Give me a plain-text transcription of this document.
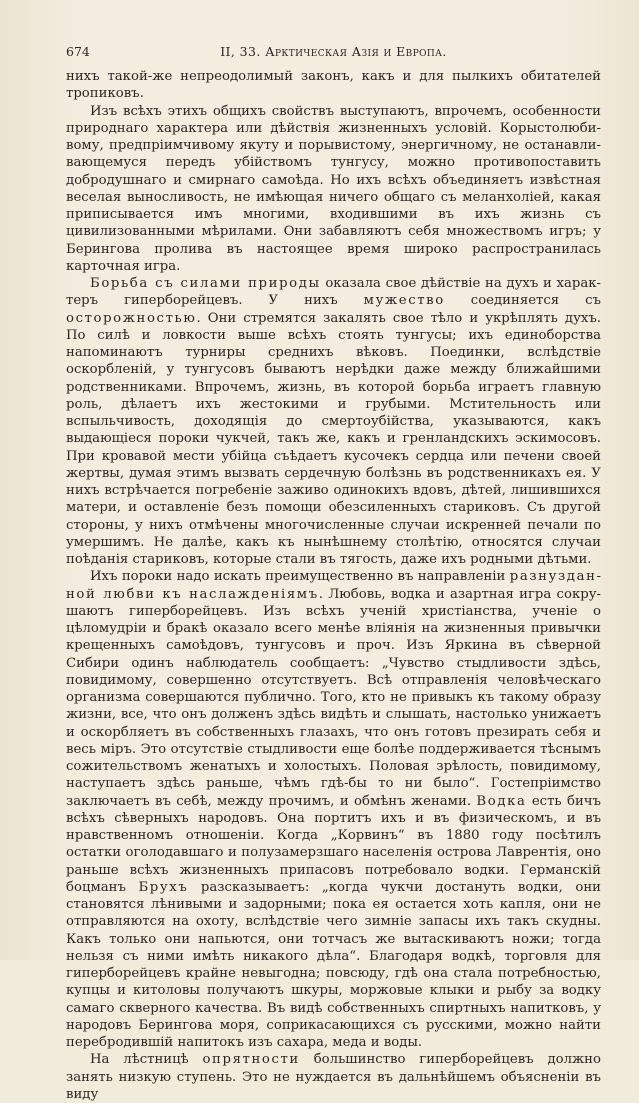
674	II, 33. Арктическая Азія и Европа.

нихъ такой-же непреодолимый законъ, какъ и для пылкихъ обитателей тропиковъ.

Изъ всѣхъ этихъ общихъ свойствъ выступаютъ, впрочемъ, особенности природнаго характера или дѣйствія жизненныхъ условій. Корыстолюбивому, предпріимчивому якуту и порывистому, энергичному, не останавливающемуся передъ убійствомъ тунгусу, можно противопоставить добродушнаго и смирнаго самоѣда. Но ихъ всѣхъ объединяетъ извѣстная веселая выносливость, не имѣющая ничего общаго съ меланхоліей, какая приписывается имъ многими, входившими въ ихъ жизнь съ цивилизованными мѣрилами. Они забавляютъ себя множествомъ игръ; у Берингова пролива въ настоящее время широко распространилась карточная игра.

Борьба съ силами природы оказала свое дѣйствіе на духъ и характеръ гиперборейцевъ. У нихъ мужество соединяется съ осторожностью. Они стремятся закалять свое тѣло и укрѣплять духъ. По силѣ и ловкости выше всѣхъ стоять тунгусы; ихъ единоборства напоминаютъ турниры среднихъ вѣковъ. Поединки, вслѣдствіе оскорбленій, у тунгусовъ бываютъ нерѣдки даже между ближайшими родственниками. Впрочемъ, жизнь, въ которой борьба играетъ главную роль, дѣлаетъ ихъ жестокими и грубыми. Мстительность или вспыльчивость, доходящія до смертоубійства, указываются, какъ выдающіеся пороки чукчей, такъ же, какъ и гренландскихъ эскимосовъ. При кровавой мести убійца съѣдаетъ кусочекъ сердца или печени своей жертвы, думая этимъ вызвать сердечную болѣзнь въ родственникахъ ея. У нихъ встрѣчается погребеніе заживо одинокихъ вдовъ, дѣтей, лишившихся матери, и оставленіе безъ помощи обезсиленныхъ стариковъ. Съ другой стороны, у нихъ отмѣчены многочисленные случаи искренней печали по умершимъ. Не далѣе, какъ къ нынѣшнему столѣтію, относятся случаи поѣданія стариковъ, которые стали въ тягость, даже ихъ родными дѣтьми.

Ихъ пороки надо искать преимущественно въ направленіи разнузданной любви къ наслажденіямъ. Любовь, водка и азартная игра сокрушаютъ гиперборейцевъ. Изъ всѣхъ ученій христіанства, ученіе о цѣломудріи и бракѣ оказало всего менѣе вліянія на жизненныя привычки крещенныхъ самоѣдовъ, тунгусовъ и проч. Изъ Яркина въ сѣверной Сибири одинъ наблюдатель сообщаетъ: „Чувство стыдливости здѣсь, повидимому, совершенно отсутствуетъ. Всѣ отправленія человѣческаго организма совершаются публично. Того, кто не привыкъ къ такому образу жизни, все, что онъ долженъ здѣсь видѣть и слышать, настолько унижаетъ и оскорбляетъ въ собственныхъ глазахъ, что онъ готовъ презирать себя и весь міръ. Это отсутствіе стыдливости еще болѣе поддерживается тѣснымъ сожительствомъ женатыхъ и холостыхъ. Половая зрѣлость, повидимому, наступаетъ здѣсь раньше, чѣмъ гдѣ-бы то ни было“. Гостепріимство заключаетъ въ себѣ, между прочимъ, и обмѣнъ женами. Водка есть бичъ всѣхъ сѣверныхъ народовъ. Она портитъ ихъ и въ физическомъ, и въ нравственномъ отношеніи. Когда „Корвинъ“ въ 1880 году посѣтилъ остатки оголодавшаго и полузамерзшаго населенія острова Лаврентія, оно раньше всѣхъ жизненныхъ припасовъ потребовало водки. Германскій боцманъ Брухъ разсказываетъ: „когда чукчи достануть водки, они становятся лѣнивыми и задорными; пока ея остается хоть капля, они не отправляются на охоту, вслѣдствіе чего зимніе запасы ихъ такъ скудны. Какъ только они напьются, они тотчасъ же вытаскиваютъ ножи; тогда нельзя съ ними имѣть никакого дѣла“. Благодаря водкѣ, торговля для гиперборейцевъ крайне невыгодна; повсюду, гдѣ она стала потребностью, купцы и китоловы получаютъ шкуры, моржовые клыки и рыбу за водку самаго скверного качества. Въ видѣ собственныхъ спиртныхъ напитковъ, у народовъ Берингова моря, соприкасающихся съ русскими, можно найти перебродившій напитокъ изъ сахара, меда и воды.

На лѣстницѣ опрятности большинство гиперборейцевъ должно занять низкую ступень. Это не нуждается въ дальнѣйшемъ объясненіи въ виду
